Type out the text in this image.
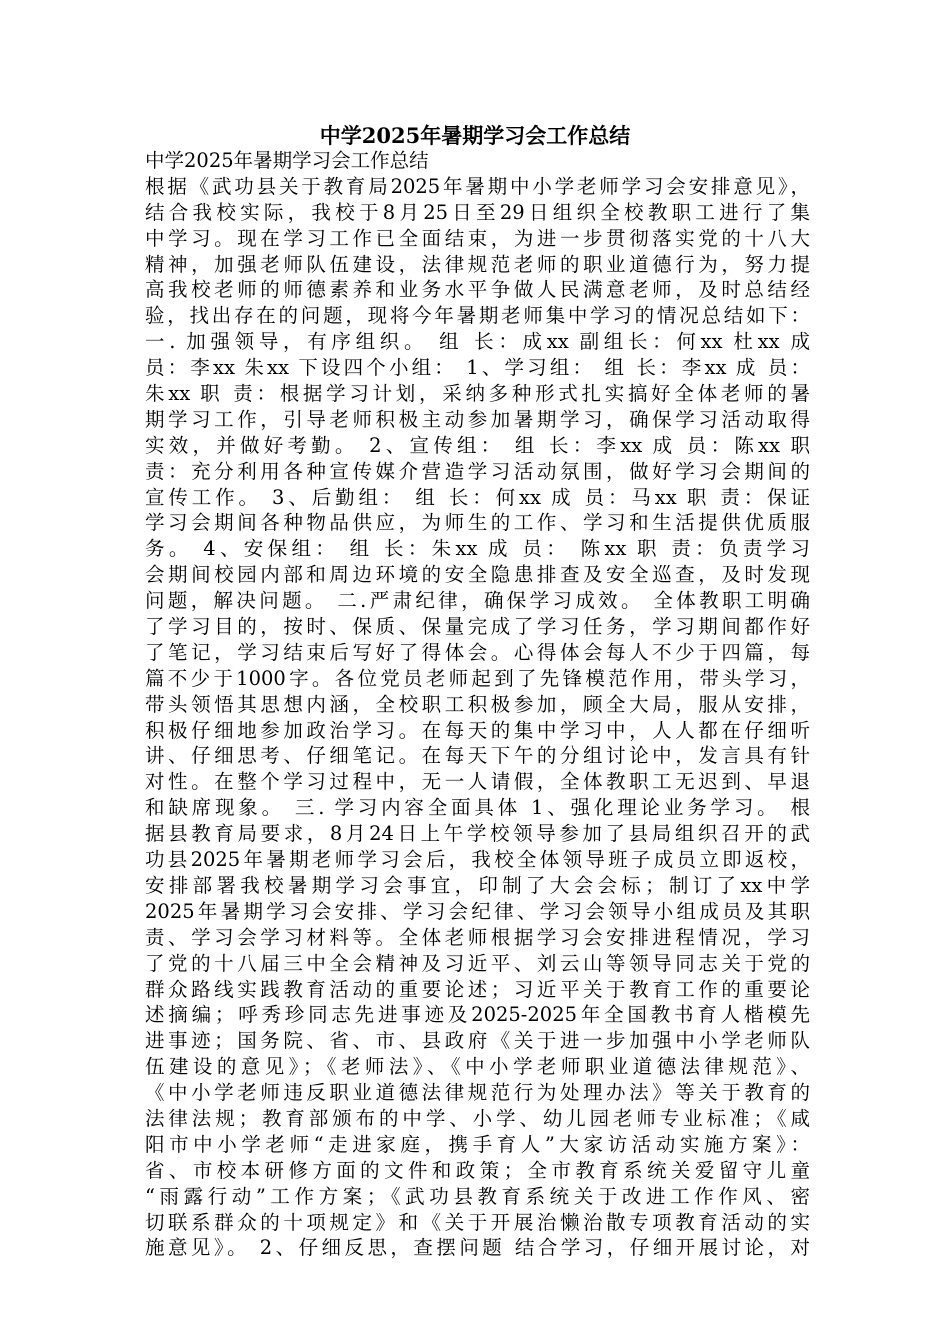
中学2025年暑期学习会工作总结
中学2025年暑期学习会工作总结
根据《武功县关于教育局2025年暑期中小学老师学习会安排意见》，
结合我校实际，我校于8月25日至29日组织全校教职工进行了集
中学习。现在学习工作已全面结束，为进一步贯彻落实党的十八大
精神，加强老师队伍建设，法律规范老师的职业道德行为，努力提
高我校老师的师德素养和业务水平争做人民满意老师，及时总结经
验，找出存在的问题，现将今年暑期老师集中学习的情况总结如下：
一. 加强领导，有序组织。 组 长：成xx 副组长：何xx 杜xx 成
员：李xx 朱xx 下设四个小组： 1、学习组： 组 长：李xx 成 员：
朱xx 职 责：根据学习计划，采纳多种形式扎实搞好全体老师的暑
期学习工作，引导老师积极主动参加暑期学习，确保学习活动取得
实效，并做好考勤。 2、宣传组： 组 长：李xx 成 员：陈xx 职
责：充分利用各种宣传媒介营造学习活动氛围，做好学习会期间的
宣传工作。 3、后勤组： 组 长：何xx 成 员：马xx 职 责：保证
学习会期间各种物品供应，为师生的工作、学习和生活提供优质服
务。 4、安保组： 组 长：朱xx 成 员： 陈xx 职 责：负责学习
会期间校园内部和周边环境的安全隐患排查及安全巡查，及时发现
问题，解决问题。 二.严肃纪律，确保学习成效。 全体教职工明确
了学习目的，按时、保质、保量完成了学习任务，学习期间都作好
了笔记，学习结束后写好了得体会。心得体会每人不少于四篇，每
篇不少于1000字。各位党员老师起到了先锋模范作用，带头学习，
带头领悟其思想内涵，全校职工积极参加，顾全大局，服从安排，
积极仔细地参加政治学习。在每天的集中学习中，人人都在仔细听
讲、仔细思考、仔细笔记。在每天下午的分组讨论中，发言具有针
对性。在整个学习过程中，无一人请假，全体教职工无迟到、早退
和缺席现象。 三. 学习内容全面具体 1、强化理论业务学习。 根
据县教育局要求，8月24日上午学校领导参加了县局组织召开的武
功县2025年暑期老师学习会后，我校全体领导班子成员立即返校，
安排部署我校暑期学习会事宜，印制了大会会标；制订了xx中学
2025年暑期学习会安排、学习会纪律、学习会领导小组成员及其职
责、学习会学习材料等。全体老师根据学习会安排进程情况，学习
了党的十八届三中全会精神及习近平、刘云山等领导同志关于党的
群众路线实践教育活动的重要论述；习近平关于教育工作的重要论
述摘编；呼秀珍同志先进事迹及2025-2025年全国教书育人楷模先
进事迹；国务院、省、市、县政府《关于进一步加强中小学老师队
伍建设的意见》；《老师法》、《中小学老师职业道德法律规范》、
《中小学老师违反职业道德法律规范行为处理办法》等关于教育的
法律法规；教育部颁布的中学、小学、幼儿园老师专业标准；《咸
阳市中小学老师“走进家庭，携手育人”大家访活动实施方案》：
省、市校本研修方面的文件和政策；全市教育系统关爱留守儿童
“雨露行动”工作方案；《武功县教育系统关于改进工作作风、密
切联系群众的十项规定》和《关于开展治懒治散专项教育活动的实
施意见》。 2、仔细反思，查摆问题 结合学习，仔细开展讨论，对
